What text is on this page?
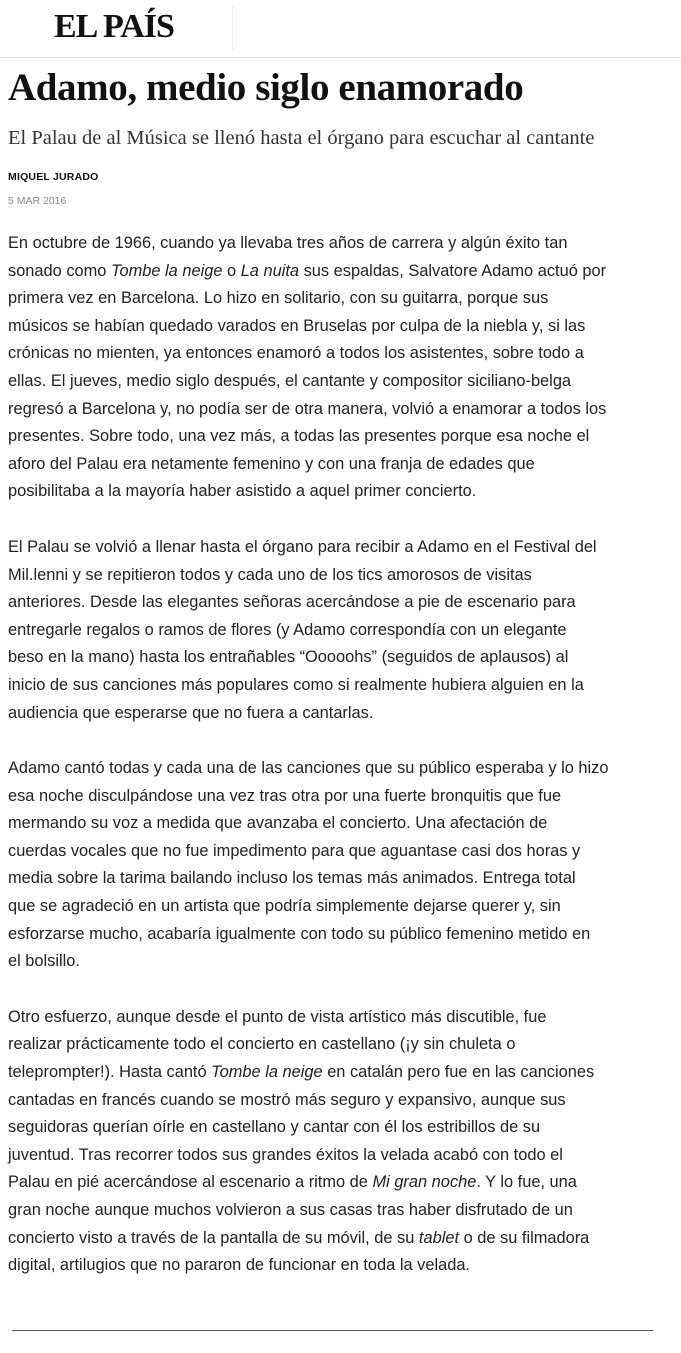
EL PAÍS
Adamo, medio siglo enamorado

El Palau de al Música se llenó hasta el órgano para escuchar al cantante

MIQUEL JURADO
5 MAR 2016

En octubre de 1966, cuando ya llevaba tres años de carrera y algún éxito tan
sonado como Tombe la neige o La nuita sus espaldas, Salvatore Adamo actuó por
primera vez en Barcelona. Lo hizo en solitario, con su guitarra, porque sus
músicos se habían quedado varados en Bruselas por culpa de la niebla y, si las
crónicas no mienten, ya entonces enamoró a todos los asistentes, sobre todo a
ellas. El jueves, medio siglo después, el cantante y compositor siciliano-belga
regresó a Barcelona y, no podía ser de otra manera, volvió a enamorar a todos los
presentes. Sobre todo, una vez más, a todas las presentes porque esa noche el
aforo del Palau era netamente femenino y con una franja de edades que
posibilitaba a la mayoría haber asistido a aquel primer concierto.

El Palau se volvió a llenar hasta el órgano para recibir a Adamo en el Festival del
Mil.lenni y se repitieron todos y cada uno de los tics amorosos de visitas
anteriores. Desde las elegantes señoras acercándose a pie de escenario para
entregarle regalos o ramos de flores (y Adamo correspondía con un elegante
beso en la mano) hasta los entrañables “Ooooohs” (seguidos de aplausos) al
inicio de sus canciones más populares como si realmente hubiera alguien en la
audiencia que esperarse que no fuera a cantarlas.

Adamo cantó todas y cada una de las canciones que su público esperaba y lo hizo
esa noche disculpándose una vez tras otra por una fuerte bronquitis que fue
mermando su voz a medida que avanzaba el concierto. Una afectación de
cuerdas vocales que no fue impedimento para que aguantase casi dos horas y
media sobre la tarima bailando incluso los temas más animados. Entrega total
que se agradeció en un artista que podría simplemente dejarse querer y, sin
esforzarse mucho, acabaría igualmente con todo su público femenino metido en
el bolsillo.

Otro esfuerzo, aunque desde el punto de vista artístico más discutible, fue
realizar prácticamente todo el concierto en castellano (¡y sin chuleta o
teleprompter!). Hasta cantó Tombe la neige en catalán pero fue en las canciones
cantadas en francés cuando se mostró más seguro y expansivo, aunque sus
seguidoras querían oírle en castellano y cantar con él los estribillos de su
juventud. Tras recorrer todos sus grandes éxitos la velada acabó con todo el
Palau en pié acercándose al escenario a ritmo de Mi gran noche. Y lo fue, una
gran noche aunque muchos volvieron a sus casas tras haber disfrutado de un
concierto visto a través de la pantalla de su móvil, de su tablet o de su filmadora
digital, artilugios que no pararon de funcionar en toda la velada.
